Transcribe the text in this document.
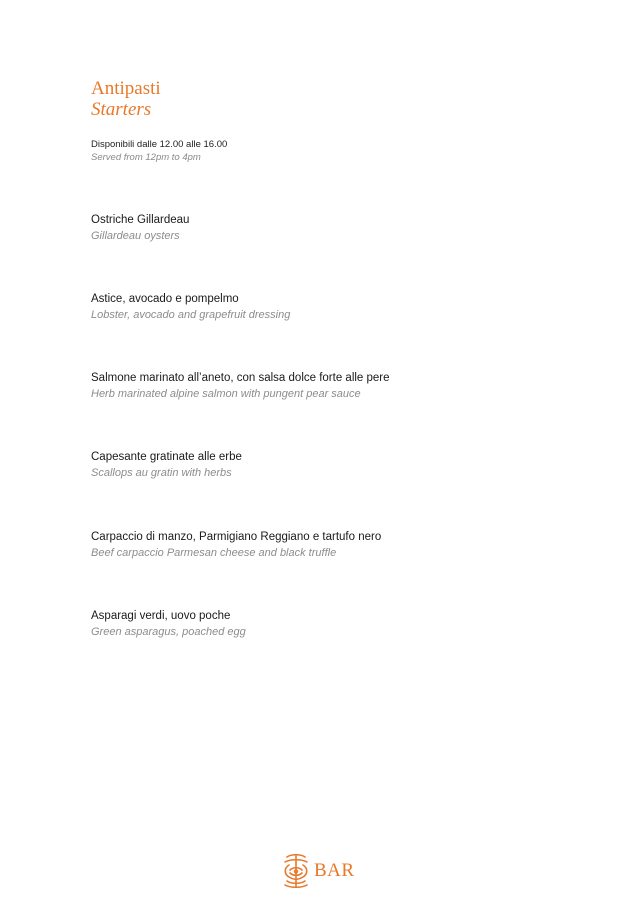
Antipasti
Starters
Disponibili dalle 12.00 alle 16.00
Served from 12pm to 4pm
Ostriche Gillardeau
Gillardeau oysters
Astice, avocado e pompelmo
Lobster, avocado and grapefruit dressing
Salmone marinato all’aneto, con salsa dolce forte alle pere
Herb marinated alpine salmon with pungent pear sauce
Capesante gratinate alle erbe
Scallops au gratin with herbs
Carpaccio di manzo, Parmigiano Reggiano e tartufo nero
Beef carpaccio Parmesan cheese and black truffle
Asparagi verdi, uovo poche
Green asparagus, poached egg
BAR
